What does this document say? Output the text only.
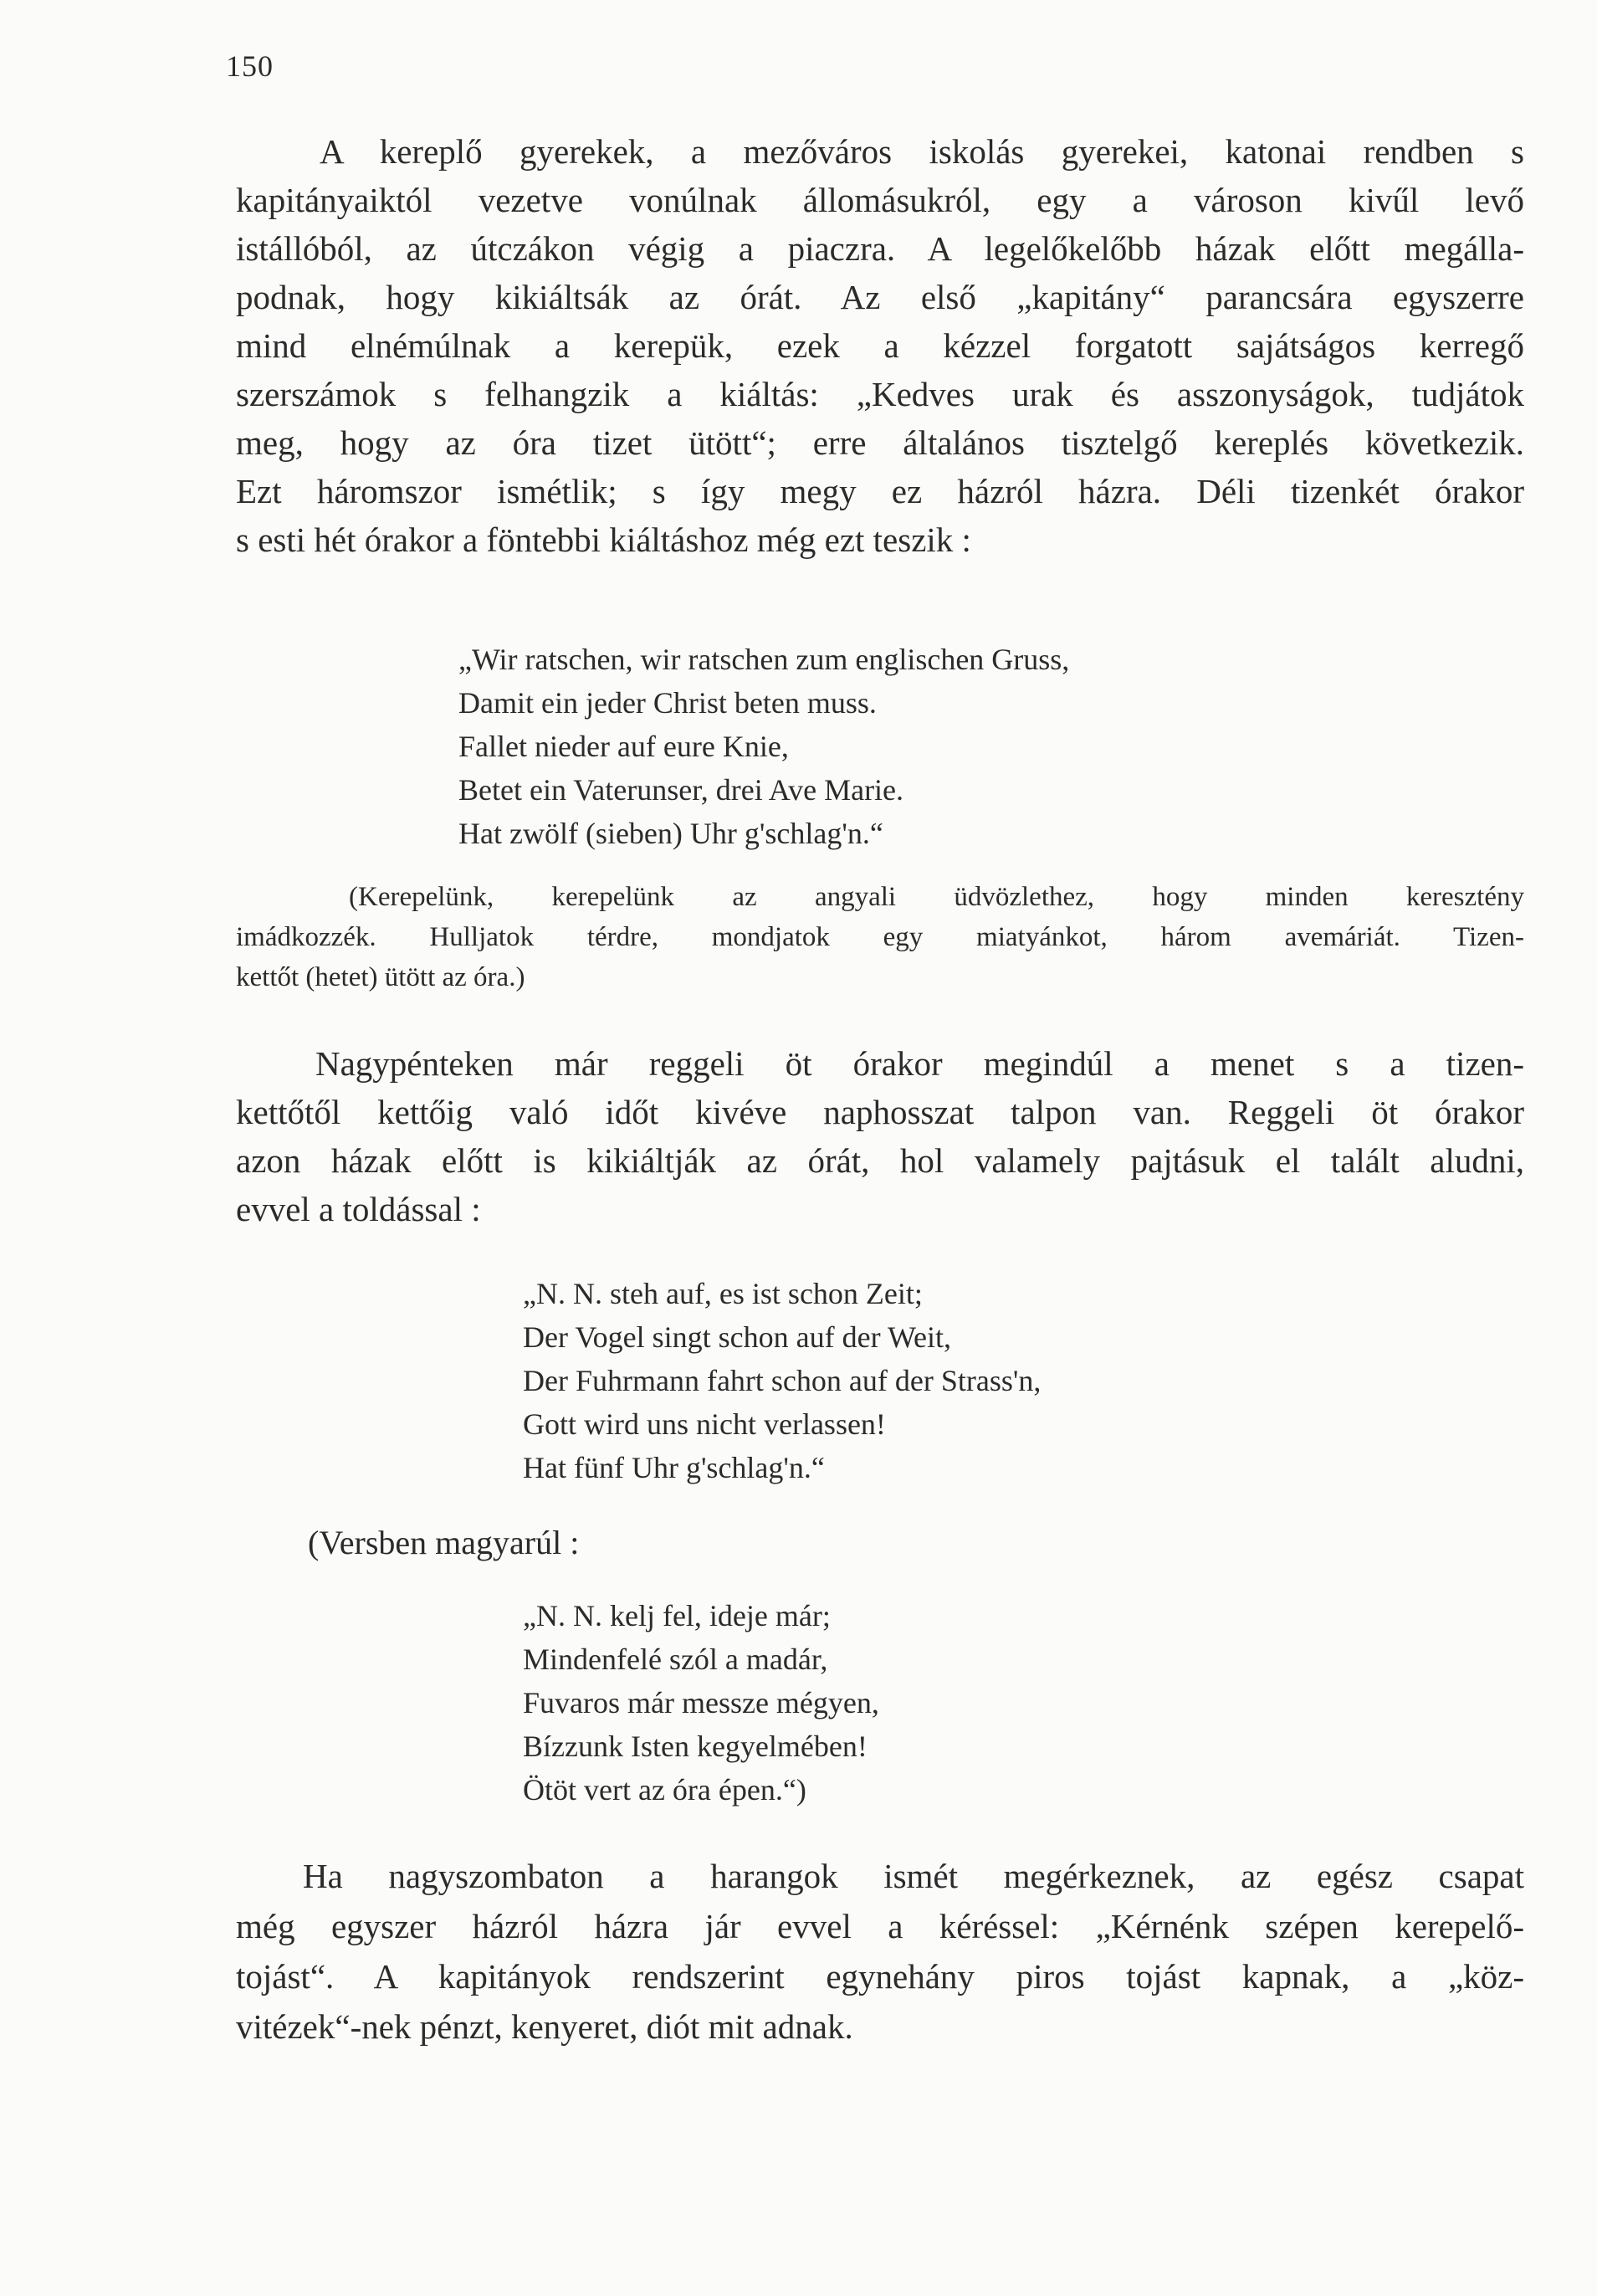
150

A kereplő gyerekek, a mezőváros iskolás gyerekei, katonai rendben s
kapitányaiktól vezetve vonúlnak állomásukról, egy a városon kivűl levő
istállóból, az útczákon végig a piaczra. A legelőkelőbb házak előtt megálla-
podnak, hogy kikiáltsák az órát. Az első „kapitány“ parancsára egyszerre
mind elnémúlnak a kerepük, ezek a kézzel forgatott sajátságos kerregő
szerszámok s felhangzik a kiáltás: „Kedves urak és asszonyságok, tudjátok
meg, hogy az óra tizet ütött“; erre általános tisztelgő kereplés következik.
Ezt háromszor ismétlik; s így megy ez házról házra. Déli tizenkét órakor
s esti hét órakor a föntebbi kiáltáshoz még ezt teszik :

„Wir ratschen, wir ratschen zum englischen Gruss,
Damit ein jeder Christ beten muss.
Fallet nieder auf eure Knie,
Betet ein Vaterunser, drei Ave Marie.
Hat zwölf (sieben) Uhr g'schlag'n.“

(Kerepelünk, kerepelünk az angyali üdvözlethez, hogy minden keresztény
imádkozzék. Hulljatok térdre, mondjatok egy miatyánkot, három avemáriát. Tizen-
kettőt (hetet) ütött az óra.)

Nagypénteken már reggeli öt órakor megindúl a menet s a tizen-
kettőtől kettőig való időt kivéve naphosszat talpon van. Reggeli öt órakor
azon házak előtt is kikiáltják az órát, hol valamely pajtásuk el talált aludni,
evvel a toldással :

„N. N. steh auf, es ist schon Zeit;
Der Vogel singt schon auf der Weit,
Der Fuhrmann fahrt schon auf der Strass'n,
Gott wird uns nicht verlassen!
Hat fünf Uhr g'schlag'n.“

(Versben magyarúl :

„N. N. kelj fel, ideje már;
Mindenfelé szól a madár,
Fuvaros már messze mégyen,
Bízzunk Isten kegyelmében!
Ötöt vert az óra épen.“)

Ha nagyszombaton a harangok ismét megérkeznek, az egész csapat
még egyszer házról házra jár evvel a kéréssel: „Kérnénk szépen kerepelő-
tojást“. A kapitányok rendszerint egynehány piros tojást kapnak, a „köz-
vitézek“-nek pénzt, kenyeret, diót mit adnak.
